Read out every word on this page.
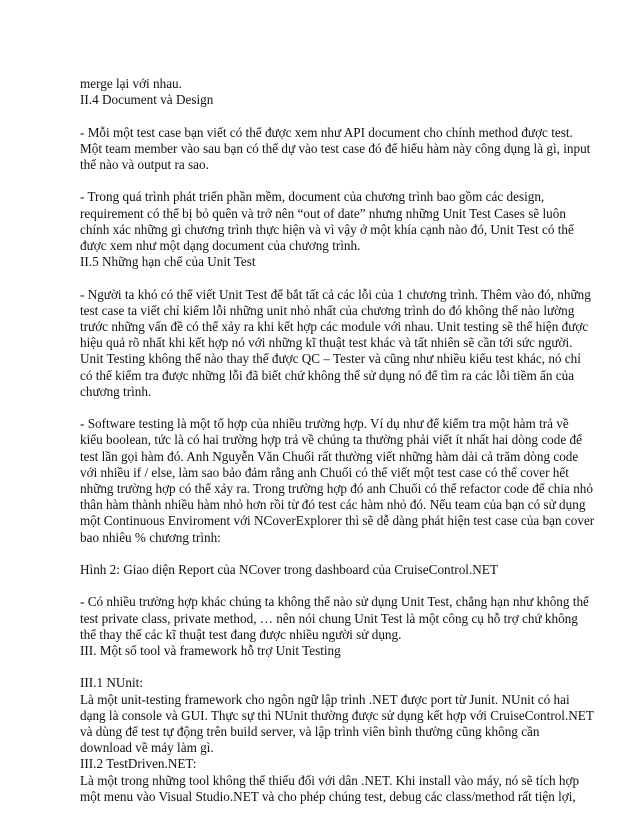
merge lại với nhau.
II.4 Document và Design
- Mỗi một test case bạn viết có thể được xem như API document cho chính method được test.
Một team member vào sau bạn có thể dự vào test case đó để hiểu hàm này công dụng là gì, input
thế nào và output ra sao.
- Trong quá trình phát triển phần mềm, document của chương trình bao gồm các design,
requirement có thể bị bỏ quên và trở nên “out of date” nhưng những Unit Test Cases sẽ luôn
chính xác những gì chương trình thực hiện và vì vậy ở một khía cạnh nào đó, Unit Test có thể
được xem như một dạng document của chương trình.
II.5 Những hạn chế của Unit Test
- Người ta khó có thể viết Unit Test để bắt tất cả các lỗi của 1 chương trình. Thêm vào đó, những
test case ta viết chỉ kiểm lỗi những unit nhỏ nhất của chương trình do đó không thể nào lường
trước những vấn đề có thể xảy ra khi kết hợp các module với nhau. Unit testing sẽ thể hiện được
hiệu quả rõ nhất khi kết hợp nó với những kĩ thuật test khác và tất nhiên sẽ cần tới sức người.
Unit Testing không thể nào thay thế được QC – Tester và cũng như nhiều kiểu test khác, nó chỉ
có thể kiểm tra được những lỗi đã biết chứ không thể sử dụng nó để tìm ra các lỗi tiềm ẩn của
chương trình.
- Software testing là một tổ hợp của nhiều trường hợp. Ví dụ như để kiểm tra một hàm trả về
kiểu boolean, tức là có hai trường hợp trả về chúng ta thường phải viết ít nhất hai dòng code để
test lần gọi hàm đó. Anh Nguyễn Văn Chuối rất thường viết những hàm dài cả trăm dòng code
với nhiều if / else, làm sao bảo đảm rằng anh Chuối có thể viết một test case có thể cover hết
những trường hợp có thể xảy ra. Trong trường hợp đó anh Chuối có thể refactor code để chia nhỏ
thân hàm thành nhiều hàm nhỏ hơn rồi từ đó test các hàm nhỏ đó. Nếu team của bạn có sử dụng
một Continuous Enviroment với NCoverExplorer thì sẽ dễ dàng phát hiện test case của bạn cover
bao nhiêu % chương trình:
Hình 2: Giao diện Report của NCover trong dashboard của CruiseControl.NET
- Có nhiều trường hợp khác chúng ta không thể nào sử dụng Unit Test, chẳng hạn như không thể
test private class, private method, … nên nói chung Unit Test là một công cụ hỗ trợ chứ không
thể thay thế các kĩ thuật test đang được nhiều người sử dụng.
III. Một số tool và framework hỗ trợ Unit Testing
III.1 NUnit:
Là một unit-testing framework cho ngôn ngữ lập trình .NET được port từ Junit. NUnit có hai
dạng là console và GUI. Thực sự thì NUnit thường được sử dụng kết hợp với CruiseControl.NET
và dùng để test tự động trên build server, và lập trình viên bình thường cũng không cần
download về máy làm gì.
III.2 TestDriven.NET:
Là một trong những tool không thể thiếu đối với dân .NET. Khi install vào máy, nó sẽ tích hợp
một menu vào Visual Studio.NET và cho phép chúng test, debug các class/method rất tiện lợi,
